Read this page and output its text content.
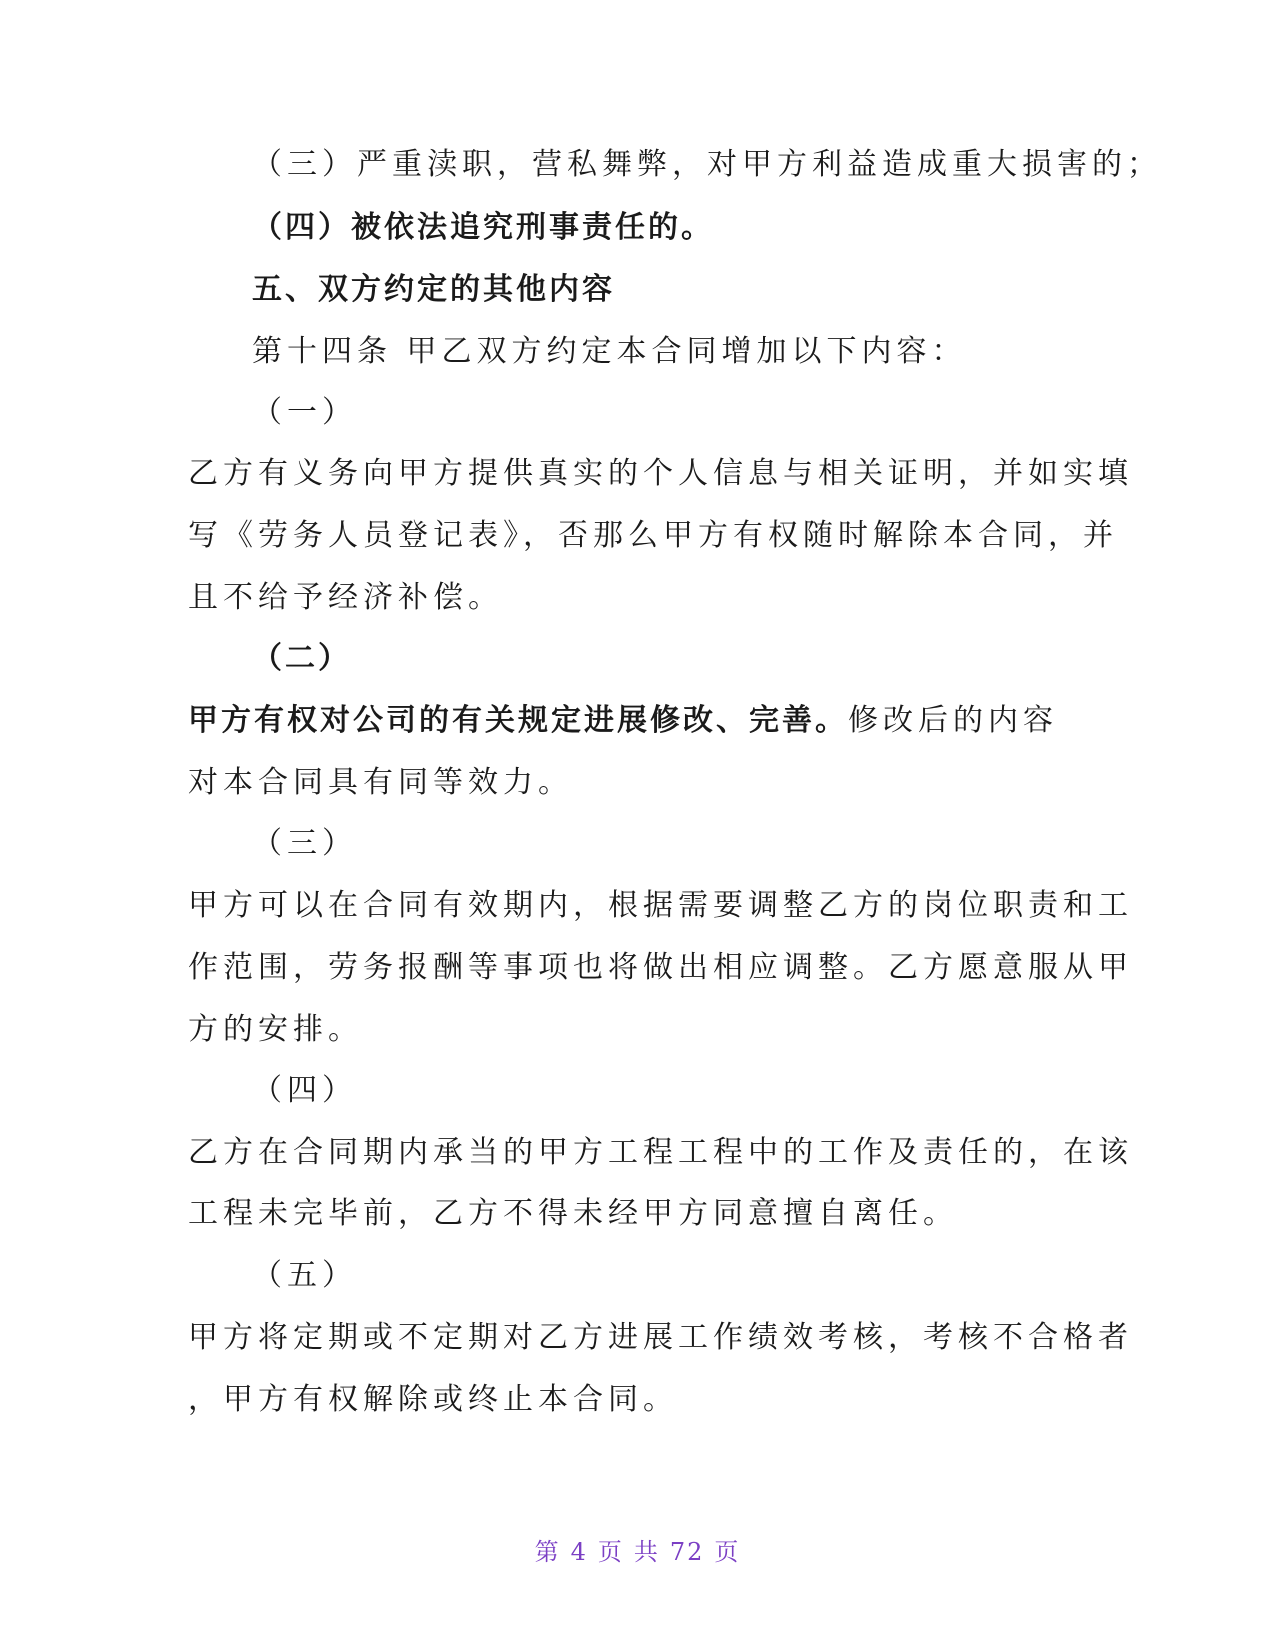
（三）严重渎职，营私舞弊，对甲方利益造成重大损害的；
（四）被依法追究刑事责任的。
五、双方约定的其他内容
第十四条 甲乙双方约定本合同增加以下内容：
（一）
乙方有义务向甲方提供真实的个人信息与相关证明，并如实填
写《劳务人员登记表》，否那么甲方有权随时解除本合同，并
且不给予经济补偿。
（二）
甲方有权对公司的有关规定进展修改、完善。修改后的内容
对本合同具有同等效力。
（三）
甲方可以在合同有效期内，根据需要调整乙方的岗位职责和工
作范围，劳务报酬等事项也将做出相应调整。乙方愿意服从甲
方的安排。
（四）
乙方在合同期内承当的甲方工程工程中的工作及责任的，在该
工程未完毕前，乙方不得未经甲方同意擅自离任。
（五）
甲方将定期或不定期对乙方进展工作绩效考核，考核不合格者
，甲方有权解除或终止本合同。
第 4 页 共 72 页
